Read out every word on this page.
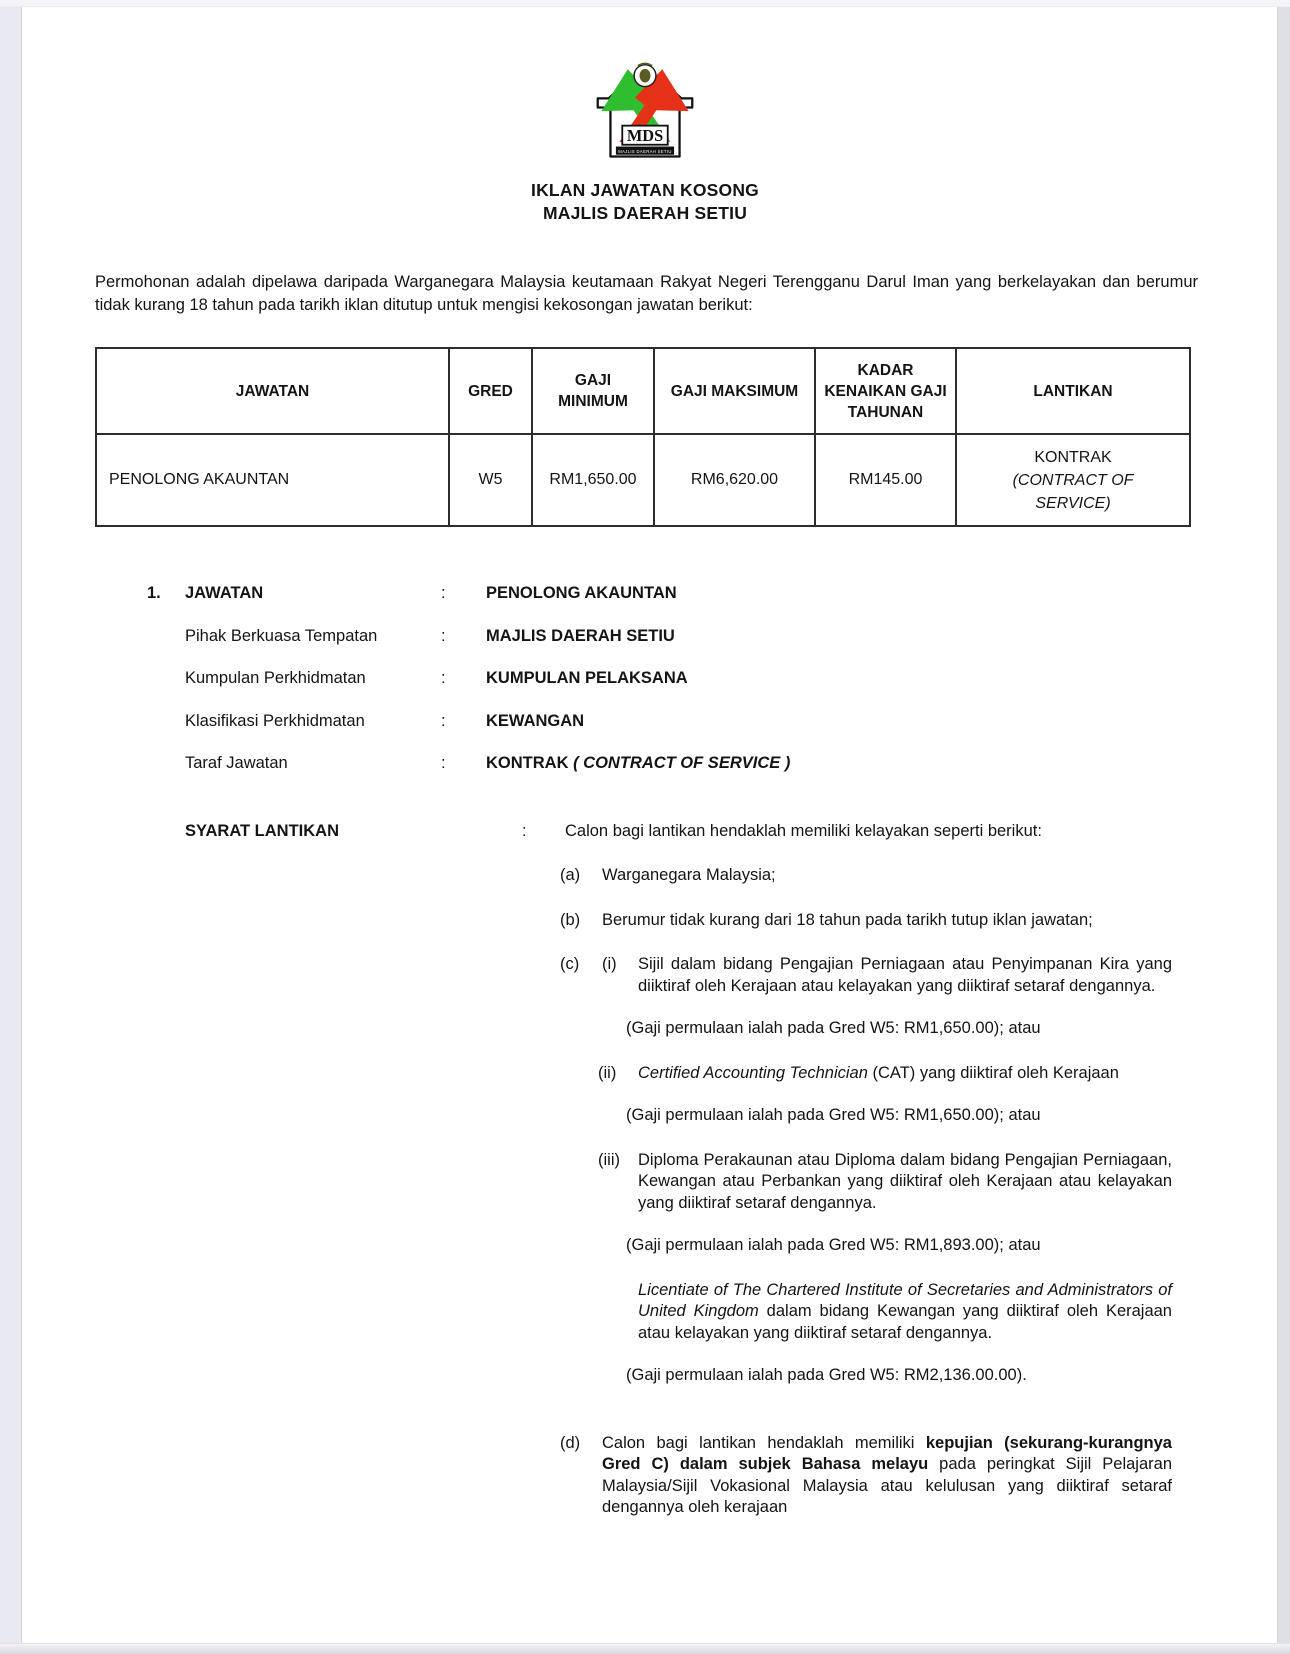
MDS
MAJLIS DAERAH SETIU
IKLAN JAWATAN KOSONG
MAJLIS DAERAH SETIU

Permohonan adalah dipelawa daripada Warganegara Malaysia keutamaan Rakyat Negeri Terengganu Darul Iman yang berkelayakan dan berumur tidak kurang 18 tahun pada tarikh iklan ditutup untuk mengisi kekosongan jawatan berikut:

JAWATAN	GRED	GAJI MINIMUM	GAJI MAKSIMUM	KADAR KENAIKAN GAJI TAHUNAN	LANTIKAN
PENOLONG AKAUNTAN	W5	RM1,650.00	RM6,620.00	RM145.00	KONTRAK
(CONTRACT OF SERVICE)
1.	JAWATAN	:	PENOLONG AKAUNTAN
Pihak Berkuasa Tempatan	:	MAJLIS DAERAH SETIU
Kumpulan Perkhidmatan	:	KUMPULAN PELAKSANA
Klasifikasi Perkhidmatan	:	KEWANGAN
Taraf Jawatan	:	KONTRAK ( CONTRACT OF SERVICE )
SYARAT LANTIKAN	:	Calon bagi lantikan hendaklah memiliki kelayakan seperti berikut:
(a)	Warganegara Malaysia;
(b)	Berumur tidak kurang dari 18 tahun pada tarikh tutup iklan jawatan;
(c)	(i)	Sijil dalam bidang Pengajian Perniagaan atau Penyimpanan Kira yang diiktiraf oleh Kerajaan atau kelayakan yang diiktiraf setaraf dengannya.

(Gaji permulaan ialah pada Gred W5: RM1,650.00); atau

(ii)	Certified Accounting Technician (CAT) yang diiktiraf oleh Kerajaan

(Gaji permulaan ialah pada Gred W5: RM1,650.00); atau

(iii)	Diploma Perakaunan atau Diploma dalam bidang Pengajian Perniagaan, Kewangan atau Perbankan yang diiktiraf oleh Kerajaan atau kelayakan yang diiktiraf setaraf dengannya.

(Gaji permulaan ialah pada Gred W5: RM1,893.00); atau

Licentiate of The Chartered Institute of Secretaries and Administrators of United Kingdom dalam bidang Kewangan yang diiktiraf oleh Kerajaan atau kelayakan yang diiktiraf setaraf dengannya.

(Gaji permulaan ialah pada Gred W5: RM2,136.00.00).

(d)	Calon bagi lantikan hendaklah memiliki kepujian (sekurang-kurangnya Gred C) dalam subjek Bahasa melayu pada peringkat Sijil Pelajaran Malaysia/Sijil Vokasional Malaysia atau kelulusan yang diiktiraf setaraf dengannya oleh kerajaan
